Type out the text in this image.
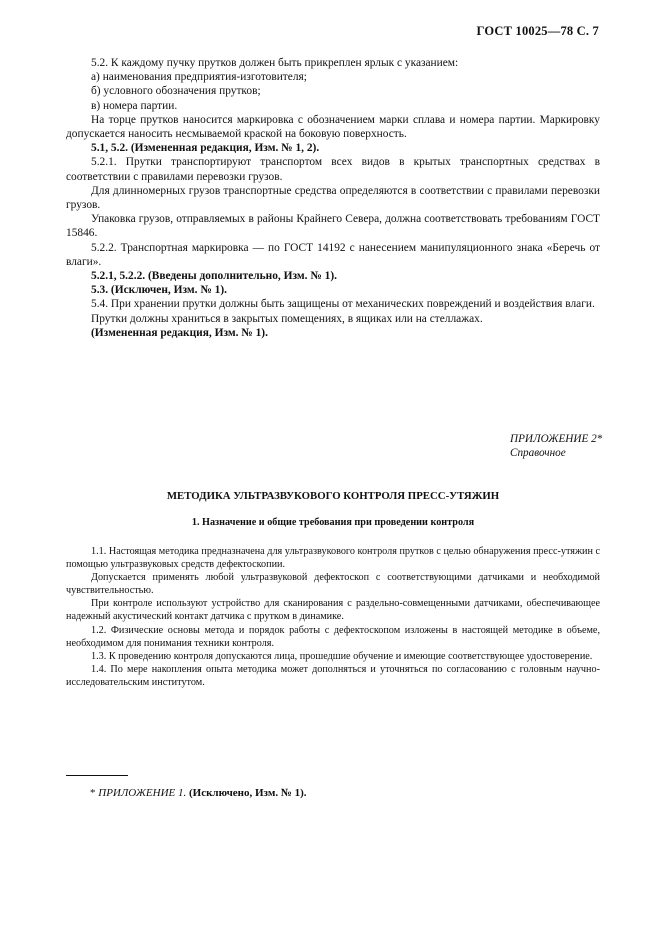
ГОСТ 10025—78 С. 7

5.2. К каждому пучку прутков должен быть прикреплен ярлык с указанием:

а) наименования предприятия-изготовителя;

б) условного обозначения прутков;

в) номера партии.

На торце прутков наносится маркировка с обозначением марки сплава и номера партии. Маркировку допускается наносить несмываемой краской на боковую поверхность.

5.1, 5.2. (Измененная редакция, Изм. № 1, 2).

5.2.1. Прутки транспортируют транспортом всех видов в крытых транспортных средствах в соответствии с правилами перевозки грузов.

Для длинномерных грузов транспортные средства определяются в соответствии с правилами перевозки грузов.

Упаковка грузов, отправляемых в районы Крайнего Севера, должна соответствовать требованиям ГОСТ 15846.

5.2.2. Транспортная маркировка — по ГОСТ 14192 с нанесением манипуляционного знака «Беречь от влаги».

5.2.1, 5.2.2. (Введены дополнительно, Изм. № 1).

5.3. (Исключен, Изм. № 1).

5.4. При хранении прутки должны быть защищены от механических повреждений и воздействия влаги.

Прутки должны храниться в закрытых помещениях, в ящиках или на стеллажах.

(Измененная редакция, Изм. № 1).

ПРИЛОЖЕНИЕ 2*
Справочное
МЕТОДИКА УЛЬТРАЗВУКОВОГО КОНТРОЛЯ ПРЕСС-УТЯЖИН
1. Назначение и общие требования при проведении контроля

1.1. Настоящая методика предназначена для ультразвукового контроля прутков с целью обнаружения пресс-утяжин с помощью ультразвуковых средств дефектоскопии.

Допускается применять любой ультразвуковой дефектоскоп с соответствующими датчиками и необходимой чувствительностью.

При контроле используют устройство для сканирования с раздельно-совмещенными датчиками, обеспечивающее надежный акустический контакт датчика с прутком в динамике.

1.2. Физические основы метода и порядок работы с дефектоскопом изложены в настоящей методике в объеме, необходимом для понимания техники контроля.

1.3. К проведению контроля допускаются лица, прошедшие обучение и имеющие соответствующее удостоверение.

1.4. По мере накопления опыта методика может дополняться и уточняться по согласованию с головным научно-исследовательским институтом.

* ПРИЛОЖЕНИЕ 1. (Исключено, Изм. № 1).
